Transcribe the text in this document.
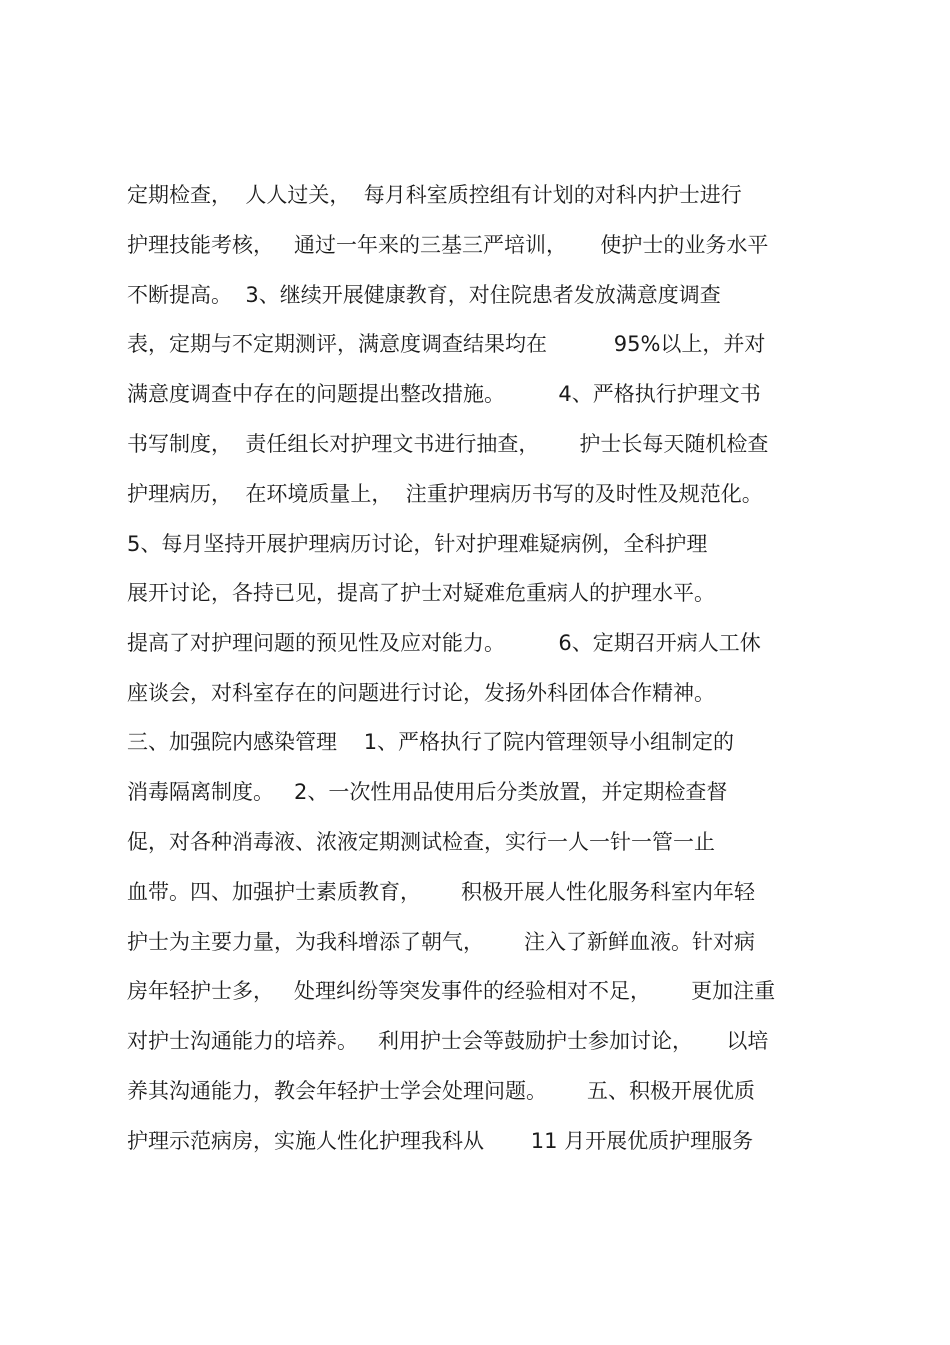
定期检查，  人人过关，  每月科室质控组有计划的对科内护士进行
护理技能考核，   通过一年来的三基三严培训，     使护士的业务水平
不断提高。  3、继续开展健康教育，对住院患者发放满意度调查
表，定期与不定期测评，满意度调查结果均在          95%以上，并对
满意度调查中存在的问题提出整改措施。        4、严格执行护理文书
书写制度，  责任组长对护理文书进行抽查，      护士长每天随机检查
护理病历，  在环境质量上，  注重护理病历书写的及时性及规范化。
5、每月坚持开展护理病历讨论，针对护理难疑病例，全科护理
展开讨论，各持已见，提高了护士对疑难危重病人的护理水平。
提高了对护理问题的预见性及应对能力。        6、定期召开病人工休
座谈会，对科室存在的问题进行讨论，发扬外科团体合作精神。
三、加强院内感染管理    1、严格执行了院内管理领导小组制定的
消毒隔离制度。   2、一次性用品使用后分类放置，并定期检查督
促，对各种消毒液、浓液定期测试检查，实行一人一针一管一止
血带。四、加强护士素质教育，      积极开展人性化服务科室内年轻
护士为主要力量，为我科增添了朝气，      注入了新鲜血液。针对病
房年轻护士多，   处理纠纷等突发事件的经验相对不足，      更加注重
对护士沟通能力的培养。   利用护士会等鼓励护士参加讨论，     以培
养其沟通能力，教会年轻护士学会处理问题。      五、积极开展优质
护理示范病房，实施人性化护理我科从       11 月开展优质护理服务
